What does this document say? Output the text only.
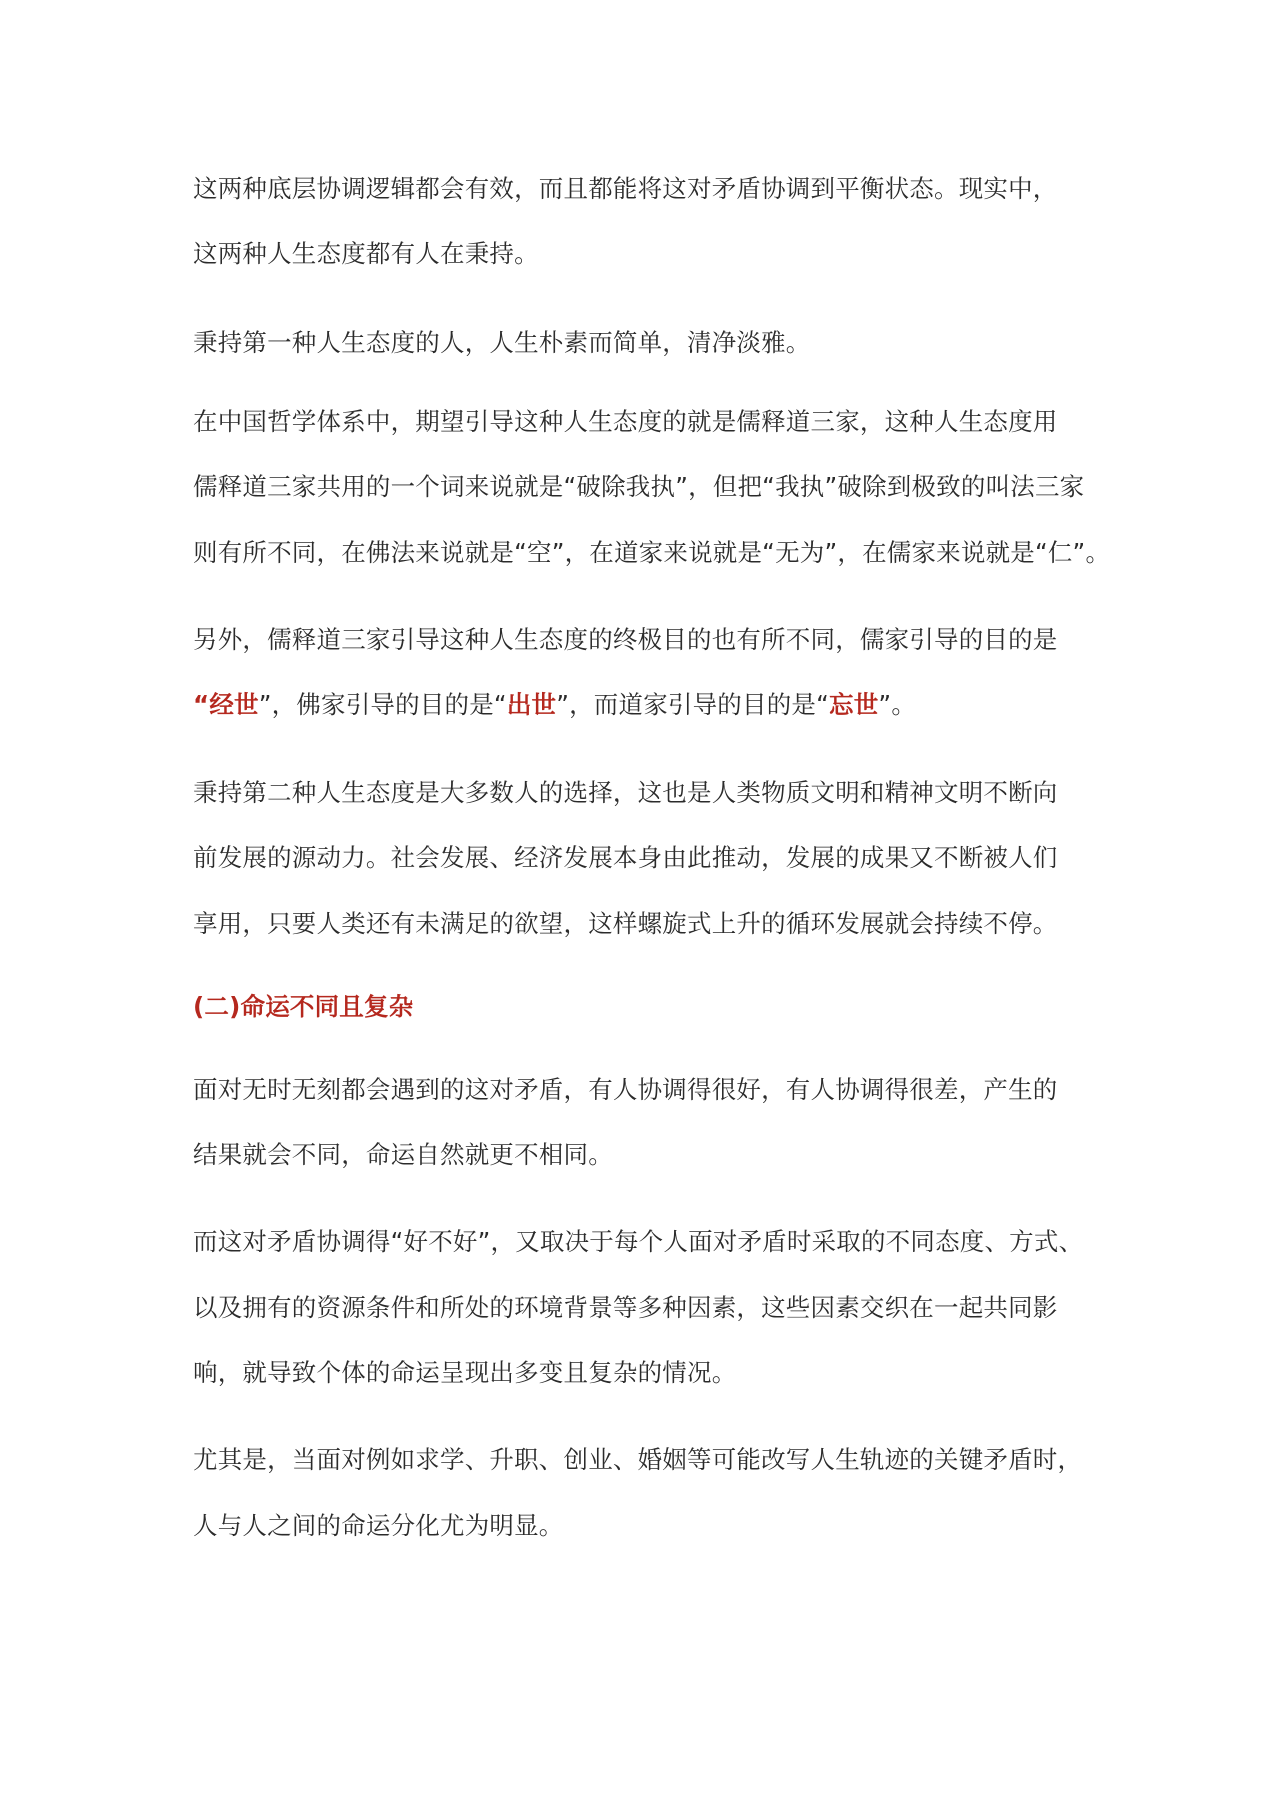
这两种底层协调逻辑都会有效，而且都能将这对矛盾协调到平衡状态。现实中，
这两种人生态度都有人在秉持。
秉持第一种人生态度的人，人生朴素而简单，清净淡雅。
在中国哲学体系中，期望引导这种人生态度的就是儒释道三家，这种人生态度用
儒释道三家共用的一个词来说就是“破除我执”，但把“我执”破除到极致的叫法三家
则有所不同，在佛法来说就是“空”，在道家来说就是“无为”，在儒家来说就是“仁”。
另外，儒释道三家引导这种人生态度的终极目的也有所不同，儒家引导的目的是
“经世”，佛家引导的目的是“出世”，而道家引导的目的是“忘世”。
秉持第二种人生态度是大多数人的选择，这也是人类物质文明和精神文明不断向
前发展的源动力。社会发展、经济发展本身由此推动，发展的成果又不断被人们
享用，只要人类还有未满足的欲望，这样螺旋式上升的循环发展就会持续不停。
(二)命运不同且复杂
面对无时无刻都会遇到的这对矛盾，有人协调得很好，有人协调得很差，产生的
结果就会不同，命运自然就更不相同。
而这对矛盾协调得“好不好”，又取决于每个人面对矛盾时采取的不同态度、方式、
以及拥有的资源条件和所处的环境背景等多种因素，这些因素交织在一起共同影
响，就导致个体的命运呈现出多变且复杂的情况。
尤其是，当面对例如求学、升职、创业、婚姻等可能改写人生轨迹的关键矛盾时，
人与人之间的命运分化尤为明显。
